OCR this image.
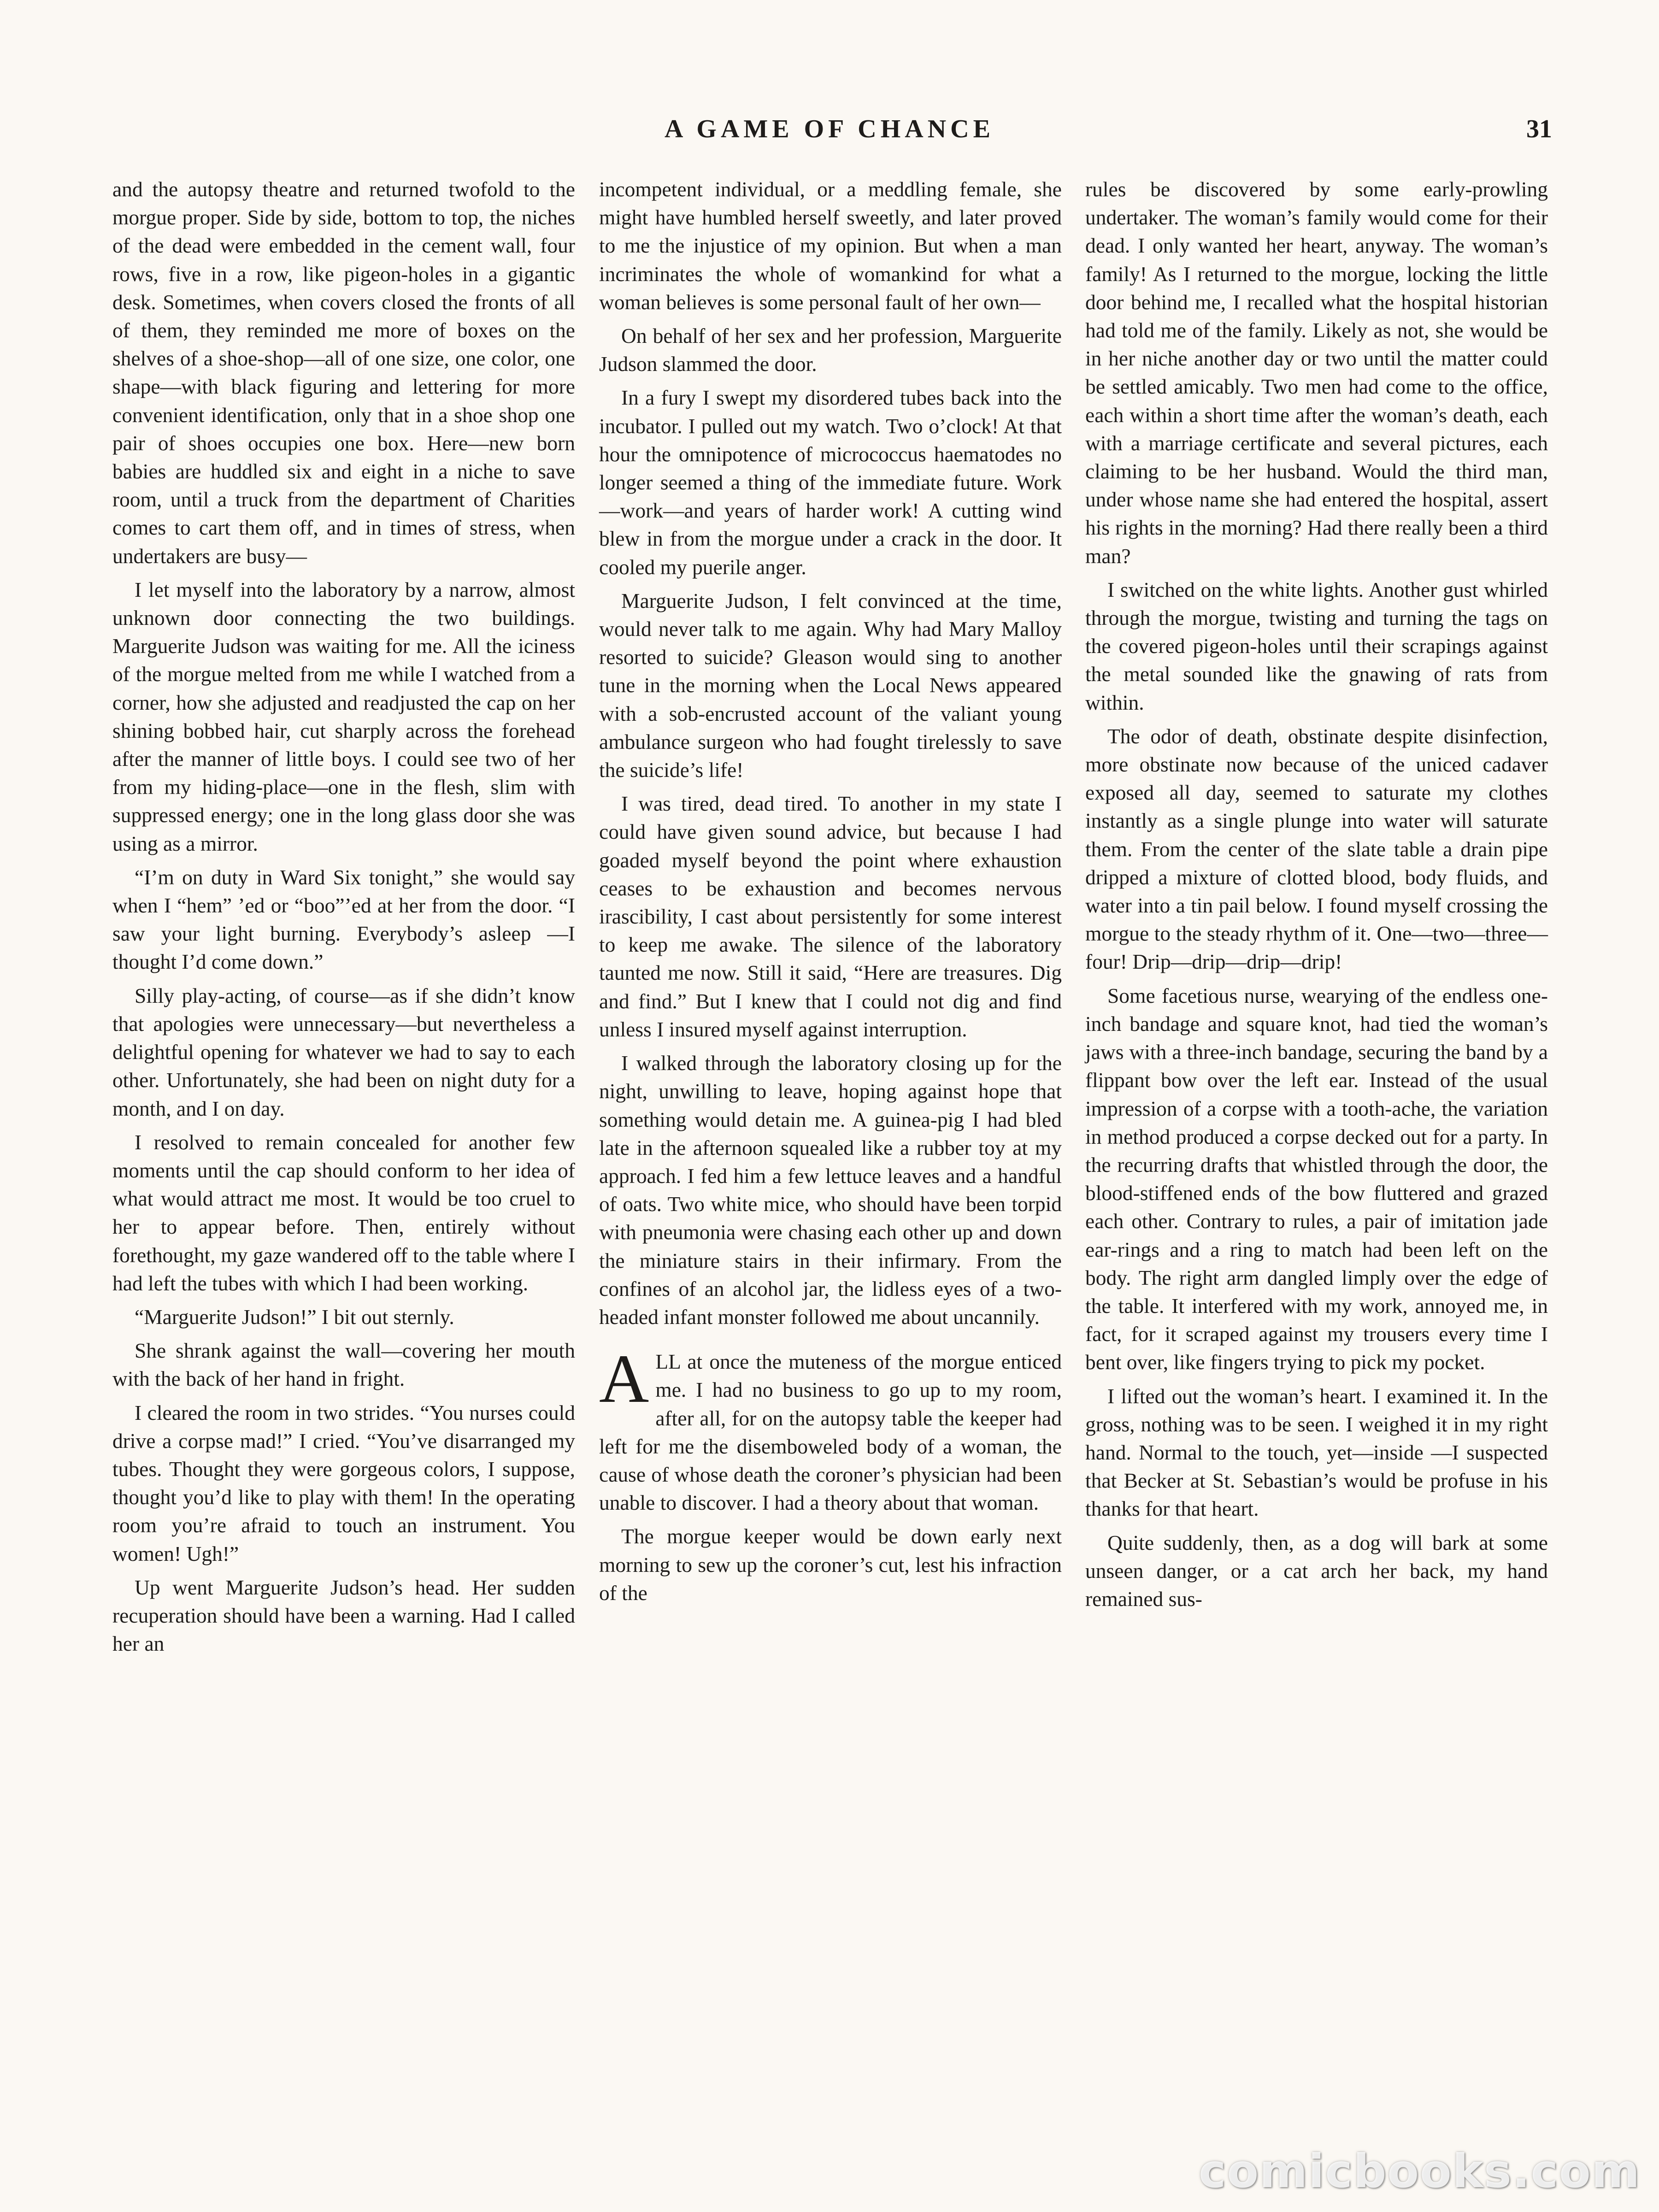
A GAME OF CHANCE	31

and the autopsy theatre and returned twofold to the morgue proper. Side by side, bottom to top, the niches of the dead were embedded in the cement wall, four rows, five in a row, like pigeon-holes in a gigantic desk. Sometimes, when covers closed the fronts of all of them, they reminded me more of boxes on the shelves of a shoe-shop—all of one size, one color, one shape—with black figuring and lettering for more convenient identification, only that in a shoe shop one pair of shoes occupies one box. Here—new born babies are huddled six and eight in a niche to save room, until a truck from the department of Charities comes to cart them off, and in times of stress, when undertakers are busy—

I let myself into the laboratory by a narrow, almost unknown door connecting the two buildings. Marguerite Judson was waiting for me. All the iciness of the morgue melted from me while I watched from a corner, how she adjusted and readjusted the cap on her shining bobbed hair, cut sharply across the forehead after the manner of little boys. I could see two of her from my hiding-place—one in the flesh, slim with suppressed energy; one in the long glass door she was using as a mirror.

“I’m on duty in Ward Six tonight,” she would say when I “hem” ’ed or “boo”’ed at her from the door. “I saw your light burning. Everybody’s asleep —I thought I’d come down.”

Silly play-acting, of course—as if she didn’t know that apologies were unnecessary—but nevertheless a delightful opening for whatever we had to say to each other. Unfortunately, she had been on night duty for a month, and I on day.

I resolved to remain concealed for another few moments until the cap should conform to her idea of what would attract me most. It would be too cruel to her to appear before. Then, entirely without forethought, my gaze wandered off to the table where I had left the tubes with which I had been working.

“Marguerite Judson!” I bit out sternly.

She shrank against the wall—covering her mouth with the back of her hand in fright.

I cleared the room in two strides. “You nurses could drive a corpse mad!” I cried. “You’ve disarranged my tubes. Thought they were gorgeous colors, I suppose, thought you’d like to play with them! In the operating room you’re afraid to touch an instrument. You women! Ugh!”

Up went Marguerite Judson’s head. Her sudden recuperation should have been a warning. Had I called her an

incompetent individual, or a meddling female, she might have humbled herself sweetly, and later proved to me the injustice of my opinion. But when a man incriminates the whole of womankind for what a woman believes is some personal fault of her own—

On behalf of her sex and her profession, Marguerite Judson slammed the door.

In a fury I swept my disordered tubes back into the incubator. I pulled out my watch. Two o’clock! At that hour the omnipotence of micrococcus haematodes no longer seemed a thing of the immediate future. Work—work—and years of harder work! A cutting wind blew in from the morgue under a crack in the door. It cooled my puerile anger.

Marguerite Judson, I felt convinced at the time, would never talk to me again. Why had Mary Malloy resorted to suicide? Gleason would sing to another tune in the morning when the Local News appeared with a sob-encrusted account of the valiant young ambulance surgeon who had fought tirelessly to save the suicide’s life!

I was tired, dead tired. To another in my state I could have given sound advice, but because I had goaded myself beyond the point where exhaustion ceases to be exhaustion and becomes nervous irascibility, I cast about persistently for some interest to keep me awake. The silence of the laboratory taunted me now. Still it said, “Here are treasures. Dig and find.” But I knew that I could not dig and find unless I insured myself against interruption.

I walked through the laboratory closing up for the night, unwilling to leave, hoping against hope that something would detain me. A guinea-pig I had bled late in the afternoon squealed like a rubber toy at my approach. I fed him a few lettuce leaves and a handful of oats. Two white mice, who should have been torpid with pneumonia were chasing each other up and down the miniature stairs in their infirmary. From the confines of an alcohol jar, the lidless eyes of a two-headed infant monster followed me about uncannily.

ALL at once the muteness of the morgue enticed me. I had no business to go up to my room, after all, for on the autopsy table the keeper had left for me the disemboweled body of a woman, the cause of whose death the coroner’s physician had been unable to discover. I had a theory about that woman.

The morgue keeper would be down early next morning to sew up the coroner’s cut, lest his infraction of the

rules be discovered by some early-prowling undertaker. The woman’s family would come for their dead. I only wanted her heart, anyway. The woman’s family! As I returned to the morgue, locking the little door behind me, I recalled what the hospital historian had told me of the family. Likely as not, she would be in her niche another day or two until the matter could be settled amicably. Two men had come to the office, each within a short time after the woman’s death, each with a marriage certificate and several pictures, each claiming to be her husband. Would the third man, under whose name she had entered the hospital, assert his rights in the morning? Had there really been a third man?

I switched on the white lights. Another gust whirled through the morgue, twisting and turning the tags on the covered pigeon-holes until their scrapings against the metal sounded like the gnawing of rats from within.

The odor of death, obstinate despite disinfection, more obstinate now because of the uniced cadaver exposed all day, seemed to saturate my clothes instantly as a single plunge into water will saturate them. From the center of the slate table a drain pipe dripped a mixture of clotted blood, body fluids, and water into a tin pail below. I found myself crossing the morgue to the steady rhythm of it. One—two—three—four! Drip—drip—drip—drip!

Some facetious nurse, wearying of the endless one-inch bandage and square knot, had tied the woman’s jaws with a three-inch bandage, securing the band by a flippant bow over the left ear. Instead of the usual impression of a corpse with a tooth-ache, the variation in method produced a corpse decked out for a party. In the recurring drafts that whistled through the door, the blood-stiffened ends of the bow fluttered and grazed each other. Contrary to rules, a pair of imitation jade ear-rings and a ring to match had been left on the body. The right arm dangled limply over the edge of the table. It interfered with my work, annoyed me, in fact, for it scraped against my trousers every time I bent over, like fingers trying to pick my pocket.

I lifted out the woman’s heart. I examined it. In the gross, nothing was to be seen. I weighed it in my right hand. Normal to the touch, yet—inside —I suspected that Becker at St. Sebastian’s would be profuse in his thanks for that heart.

Quite suddenly, then, as a dog will bark at some unseen danger, or a cat arch her back, my hand remained sus-

comicbooks.com
